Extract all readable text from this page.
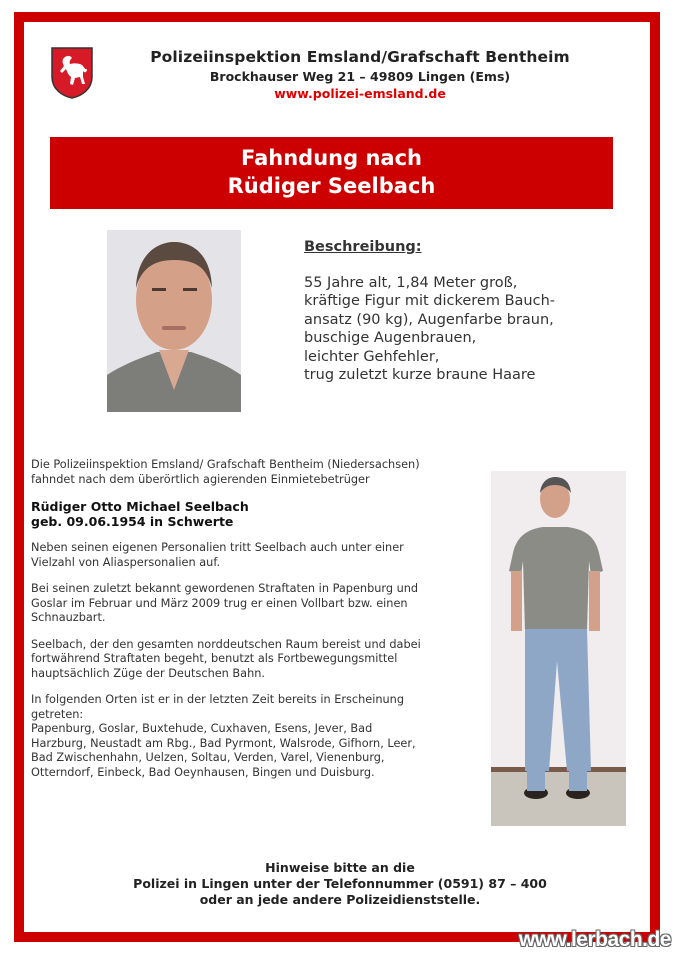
Polizeiinspektion Emsland/Grafschaft Bentheim
Brockhauser Weg 21 – 49809 Lingen (Ems)
www.polizei-emsland.de
Fahndung nach
Rüdiger Seelbach
Beschreibung:
55 Jahre alt, 1,84 Meter groß,
kräftige Figur mit dickerem Bauch-
ansatz (90 kg), Augenfarbe braun,
buschige Augenbrauen,
leichter Gehfehler,
trug zuletzt kurze braune Haare

Die Polizeiinspektion Emsland/ Grafschaft Bentheim (Niedersachsen)
fahndet nach dem überörtlich agierenden Einmietebetrüger

Rüdiger Otto Michael Seelbach
geb. 09.06.1954 in Schwerte

Neben seinen eigenen Personalien tritt Seelbach auch unter einer
Vielzahl von Aliaspersonalien auf.

Bei seinen zuletzt bekannt gewordenen Straftaten in Papenburg und
Goslar im Februar und März 2009 trug er einen Vollbart bzw. einen
Schnauzbart.

Seelbach, der den gesamten norddeutschen Raum bereist und dabei
fortwährend Straftaten begeht, benutzt als Fortbewegungsmittel
hauptsächlich Züge der Deutschen Bahn.

In folgenden Orten ist er in der letzten Zeit bereits in Erscheinung
getreten:
Papenburg, Goslar, Buxtehude, Cuxhaven, Esens, Jever, Bad
Harzburg, Neustadt am Rbg., Bad Pyrmont, Walsrode, Gifhorn, Leer,
Bad Zwischenhahn, Uelzen, Soltau, Verden, Varel, Vienenburg,
Otterndorf, Einbeck, Bad Oeynhausen, Bingen und Duisburg.

Hinweise bitte an die
Polizei in Lingen unter der Telefonnummer (0591) 87 – 400
oder an jede andere Polizeidienststelle.
www.lerbach.de
